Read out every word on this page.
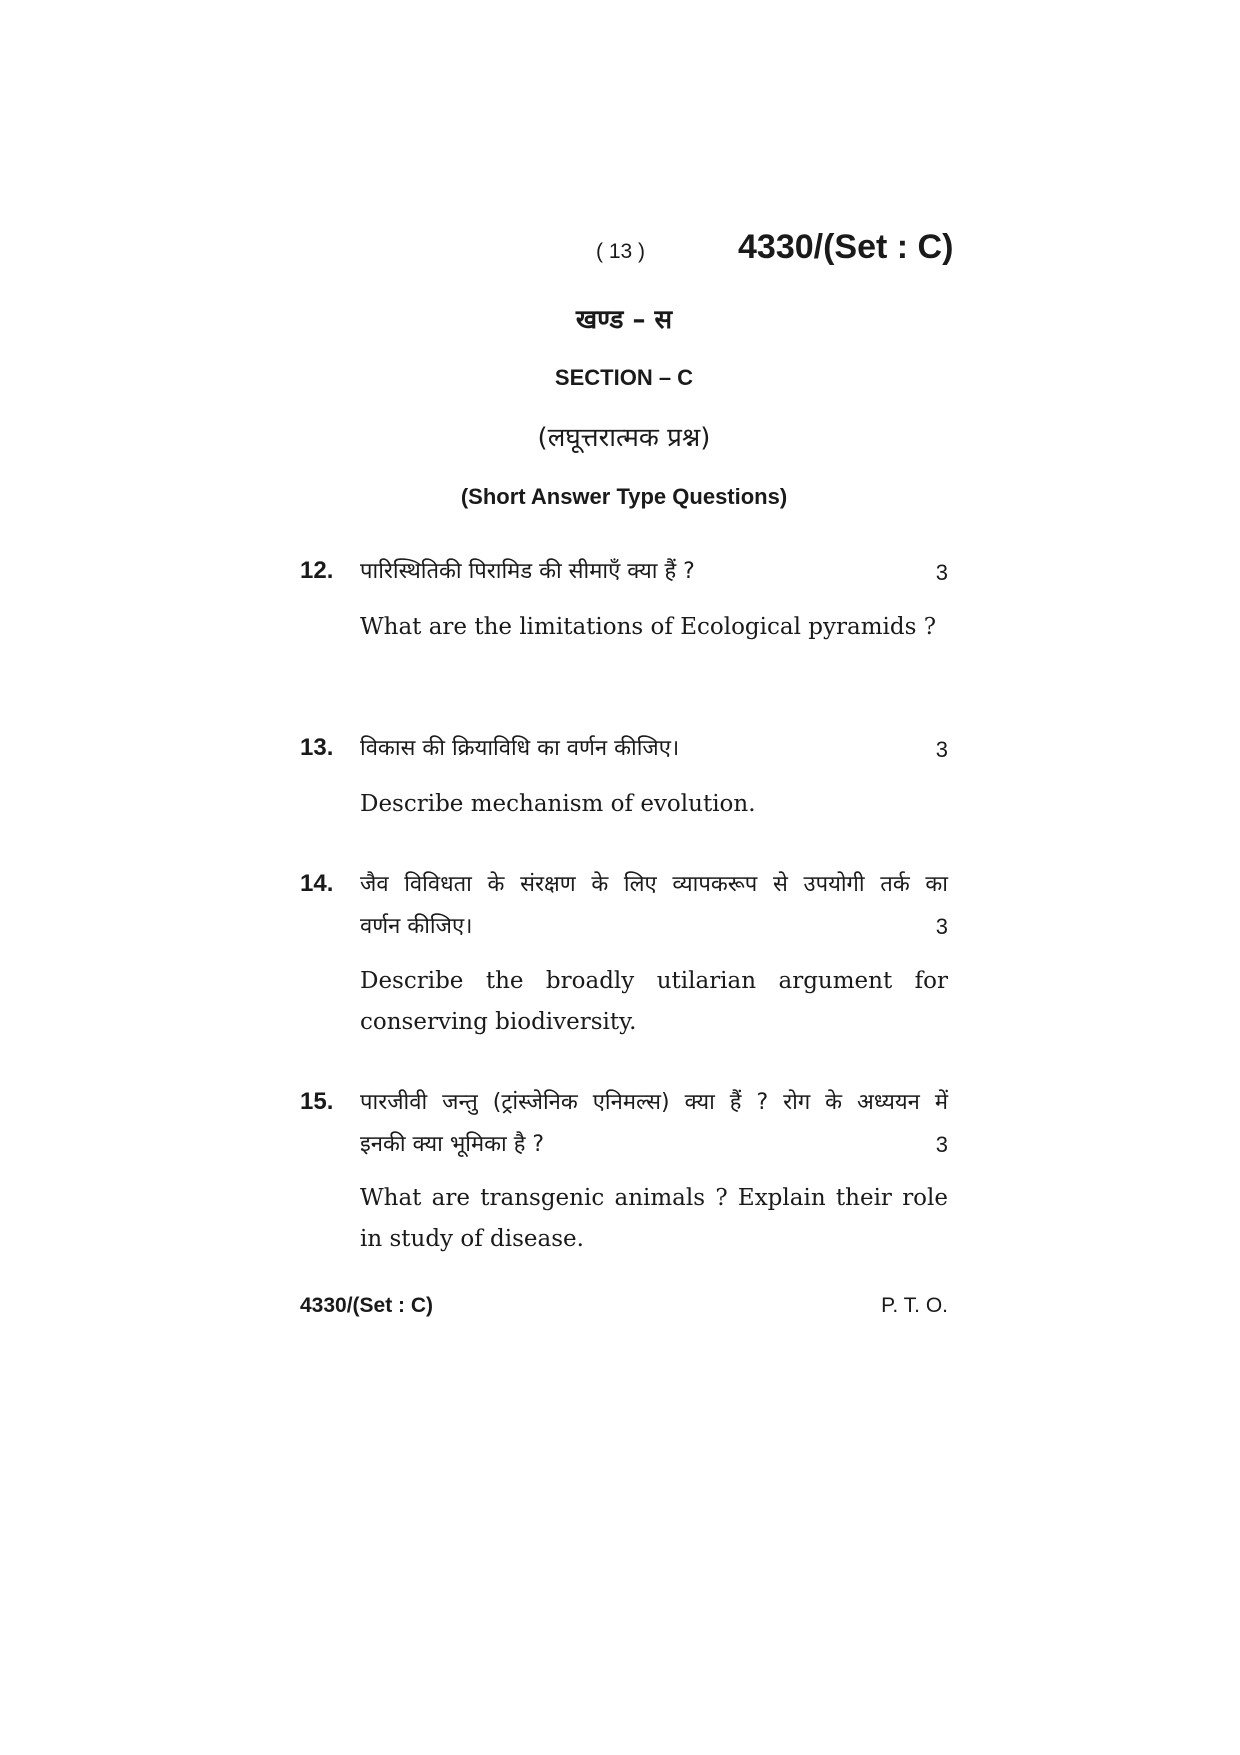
( 13 )	4330/(Set : C)
खण्ड – स
SECTION – C
(लघूत्तरात्मक प्रश्न)
(Short Answer Type Questions)
12. पारिस्थितिकी पिरामिड की सीमाएँ क्या हैं ?	3
What are the limitations of Ecological pyramids ?
13. विकास की क्रियाविधि का वर्णन कीजिए।	3
Describe mechanism of evolution.
14. जैव विविधता के संरक्षण के लिए व्यापकरूप से उपयोगी तर्क का
वर्णन कीजिए।	3
Describe the broadly utilarian argument for conserving biodiversity.
15. पारजीवी जन्तु (ट्रांस्जेनिक एनिमल्स) क्या हैं ? रोग के अध्ययन में
इनकी क्या भूमिका है ?	3
What are transgenic animals ? Explain their role in study of disease.
4330/(Set : C)	P. T. O.
